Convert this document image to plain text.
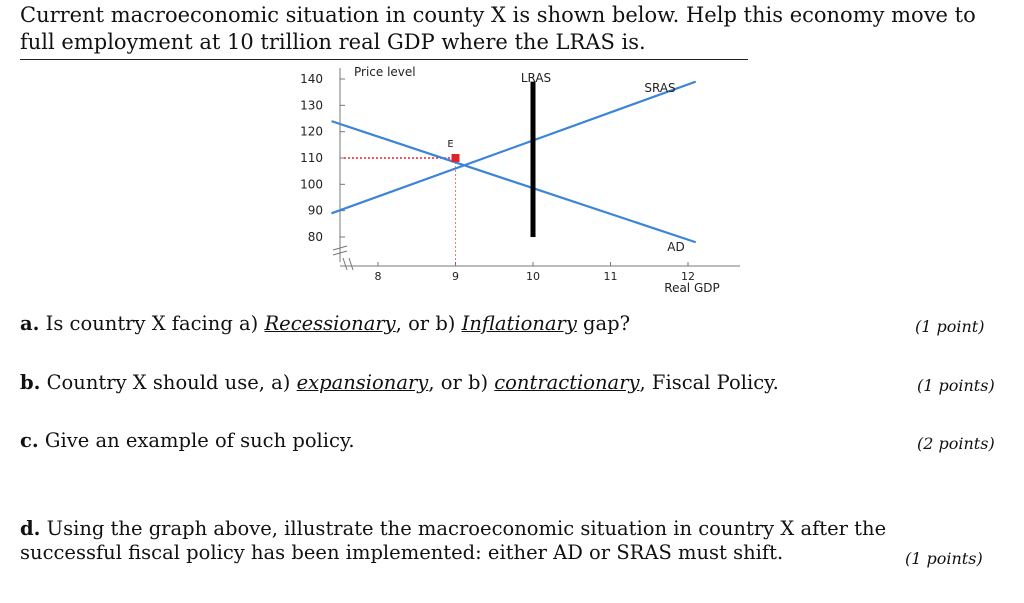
Current macroeconomic situation in county X is shown below. Help this economy move to
full employment at 10 trillion real GDP where the LRAS is.
Price level
Real GDP
140
130
120
110
100
90
80
8	9	10	11	12
SRAS
AD
LRAS
E
a. Is country X facing a) Recessionary, or b) Inflationary gap?	(1 point)
b. Country X should use, a) expansionary, or b) contractionary, Fiscal Policy.	(1 points)
c. Give an example of such policy.	(2 points)
d. Using the graph above, illustrate the macroeconomic situation in country X after the
successful fiscal policy has been implemented: either AD or SRAS must shift.	(1 points)
